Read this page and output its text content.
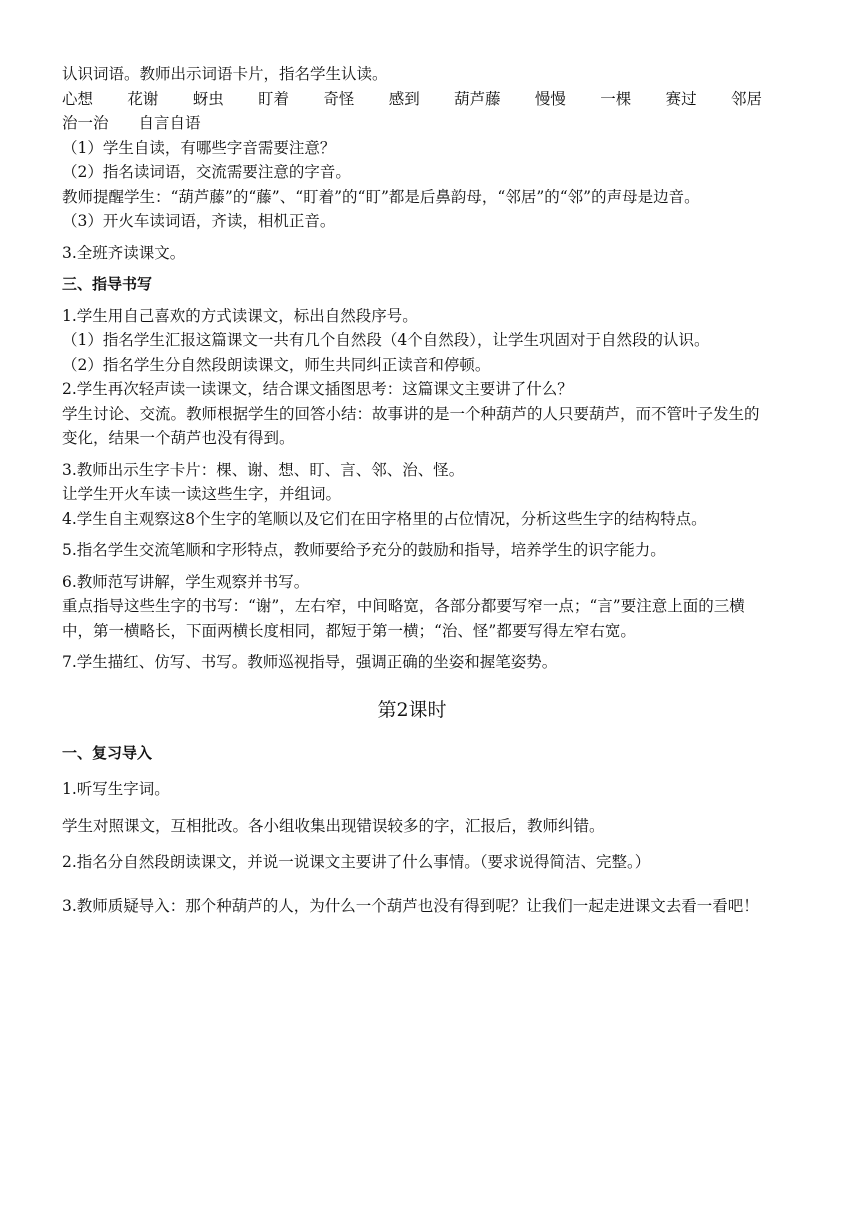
认识词语。教师出示词语卡片，指名学生认读。

心想 花谢 蚜虫 盯着 奇怪 感到 葫芦藤 慢慢 一棵 赛过 邻居

治一治 自言自语

（1）学生自读，有哪些字音需要注意？

（2）指名读词语，交流需要注意的字音。

教师提醒学生：“葫芦藤”的“藤”、“盯着”的“盯”都是后鼻韵母，“邻居”的“邻”的声母是边音。

（3）开火车读词语，齐读，相机正音。

3.全班齐读课文。

三、指导书写

1.学生用自己喜欢的方式读课文，标出自然段序号。

（1）指名学生汇报这篇课文一共有几个自然段（4个自然段），让学生巩固对于自然段的认识。

（2）指名学生分自然段朗读课文，师生共同纠正读音和停顿。

2.学生再次轻声读一读课文，结合课文插图思考：这篇课文主要讲了什么？

学生讨论、交流。教师根据学生的回答小结：故事讲的是一个种葫芦的人只要葫芦，而不管叶子发生的变化，结果一个葫芦也没有得到。

3.教师出示生字卡片：棵、谢、想、盯、言、邻、治、怪。

让学生开火车读一读这些生字，并组词。

4.学生自主观察这8个生字的笔顺以及它们在田字格里的占位情况，分析这些生字的结构特点。

5.指名学生交流笔顺和字形特点，教师要给予充分的鼓励和指导，培养学生的识字能力。

6.教师范写讲解，学生观察并书写。

重点指导这些生字的书写：“谢”，左右窄，中间略宽，各部分都要写窄一点；“言”要注意上面的三横中，第一横略长，下面两横长度相同，都短于第一横；“治、怪”都要写得左窄右宽。

7.学生描红、仿写、书写。教师巡视指导，强调正确的坐姿和握笔姿势。

第2课时

一、复习导入

1.听写生字词。

学生对照课文，互相批改。各小组收集出现错误较多的字，汇报后，教师纠错。

2.指名分自然段朗读课文，并说一说课文主要讲了什么事情。（要求说得简洁、完整。）

3.教师质疑导入：那个种葫芦的人，为什么一个葫芦也没有得到呢？让我们一起走进课文去看一看吧！
